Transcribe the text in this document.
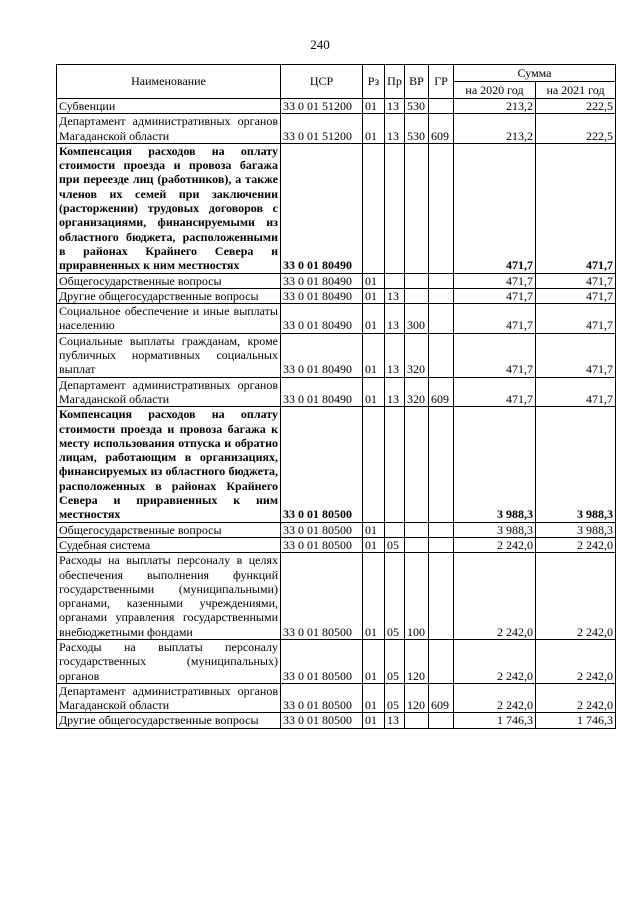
240
Наименование	ЦСР	Рз	Пр	ВР	ГР	Сумма	
						на 2020 год	на 2021 год
Субвенции	33 0 01 51200	01	13	530		213,2	222,5
Департамент административных органов Магаданской области	33 0 01 51200	01	13	530	609	213,2	222,5
Компенсация расходов на оплату стоимости проезда и провоза багажа при переезде лиц (работников), а также членов их семей при заключении (расторжении) трудовых договоров с организациями, финансируемыми из областного бюджета, расположенными в районах Крайнего Севера и приравненных к ним местностях	33 0 01 80490					471,7	471,7
Общегосударственные вопросы	33 0 01 80490	01				471,7	471,7
Другие общегосударственные вопросы	33 0 01 80490	01	13			471,7	471,7
Социальное обеспечение и иные выплаты населению	33 0 01 80490	01	13	300		471,7	471,7
Социальные выплаты гражданам, кроме публичных нормативных социальных выплат	33 0 01 80490	01	13	320		471,7	471,7
Департамент административных органов Магаданской области	33 0 01 80490	01	13	320	609	471,7	471,7
Компенсация расходов на оплату стоимости проезда и провоза багажа к месту использования отпуска и обратно лицам, работающим в организациях, финансируемых из областного бюджета, расположенных в районах Крайнего Севера и приравненных к ним местностях	33 0 01 80500					3 988,3	3 988,3
Общегосударственные вопросы	33 0 01 80500	01				3 988,3	3 988,3
Судебная система	33 0 01 80500	01	05			2 242,0	2 242,0
Расходы на выплаты персоналу в целях обеспечения выполнения функций государственными (муниципальными) органами, казенными учреждениями, органами управления государственными внебюджетными фондами	33 0 01 80500	01	05	100		2 242,0	2 242,0
Расходы на выплаты персоналу государственных (муниципальных) органов	33 0 01 80500	01	05	120		2 242,0	2 242,0
Департамент административных органов Магаданской области	33 0 01 80500	01	05	120	609	2 242,0	2 242,0
Другие общегосударственные вопросы	33 0 01 80500	01	13			1 746,3	1 746,3
